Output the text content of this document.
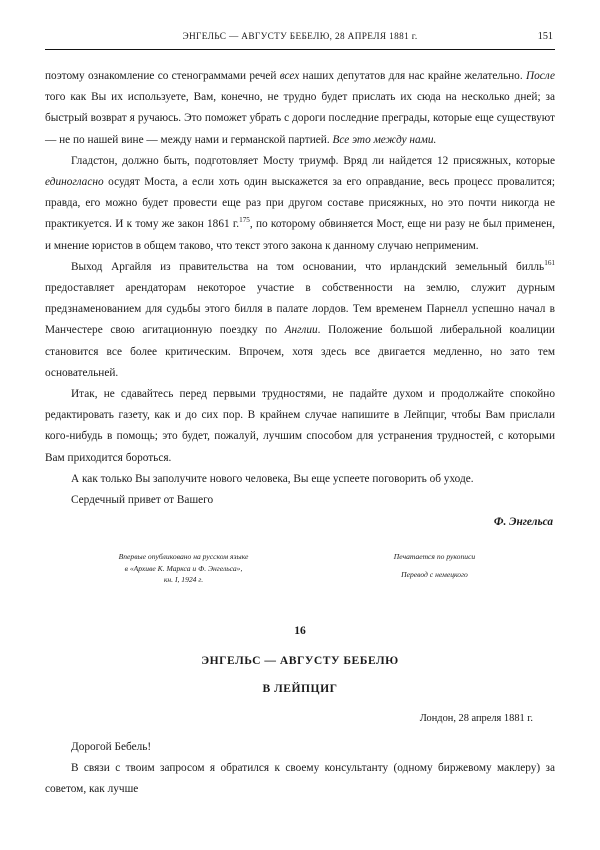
ЭНГЕЛЬС — АВГУСТУ БЕБЕЛЮ, 28 АПРЕЛЯ 1881 г.	151

поэтому ознакомление со стенограммами речей всех наших депутатов для нас крайне желательно. После того как Вы их используете, Вам, конечно, не трудно будет прислать их сюда на несколько дней; за быстрый возврат я ручаюсь. Это поможет убрать с дороги последние преграды, которые еще существуют — не по нашей вине — между нами и германской партией. Все это между нами.

Гладстон, должно быть, подготовляет Мосту триумф. Вряд ли найдется 12 присяжных, которые единогласно осудят Моста, а если хоть один выскажется за его оправдание, весь процесс провалится; правда, его можно будет провести еще раз при другом составе присяжных, но это почти никогда не практикуется. И к тому же закон 1861 г.$^{175}$, по которому обвиняется Мост, еще ни разу не был применен, и мнение юристов в общем таково, что текст этого закона к данному случаю неприменим.

Выход Аргайля из правительства на том основании, что ирландский земельный билль$^{161}$ предоставляет арендаторам некоторое участие в собственности на землю, служит дурным предзнаменованием для судьбы этого билля в палате лордов. Тем временем Парнелл успешно начал в Манчестере свою агитационную поездку по Англии. Положение большой либеральной коалиции становится все более критическим. Впрочем, хотя здесь все двигается медленно, но зато тем основательней.

Итак, не сдавайтесь перед первыми трудностями, не падайте духом и продолжайте спокойно редактировать газету, как и до сих пор. В крайнем случае напишите в Лейпциг, чтобы Вам прислали кого-нибудь в помощь; это будет, пожалуй, лучшим способом для устранения трудностей, с которыми Вам приходится бороться.

А как только Вы заполучите нового человека, Вы еще успеете поговорить об уходе.

Сердечный привет от Вашего

Ф. Энгельса
Впервые опубликовано на русском языке
в «Архиве К. Маркса и Ф. Энгельса»,
кн. I, 1924 г.
Печатается по рукописи
Перевод с немецкого
16
ЭНГЕЛЬС — АВГУСТУ БЕБЕЛЮ
В ЛЕЙПЦИГ
Лондон, 28 апреля 1881 г.
Дорогой Бебель!

В связи с твоим запросом я обратился к своему консультанту (одному биржевому маклеру) за советом, как лучше
